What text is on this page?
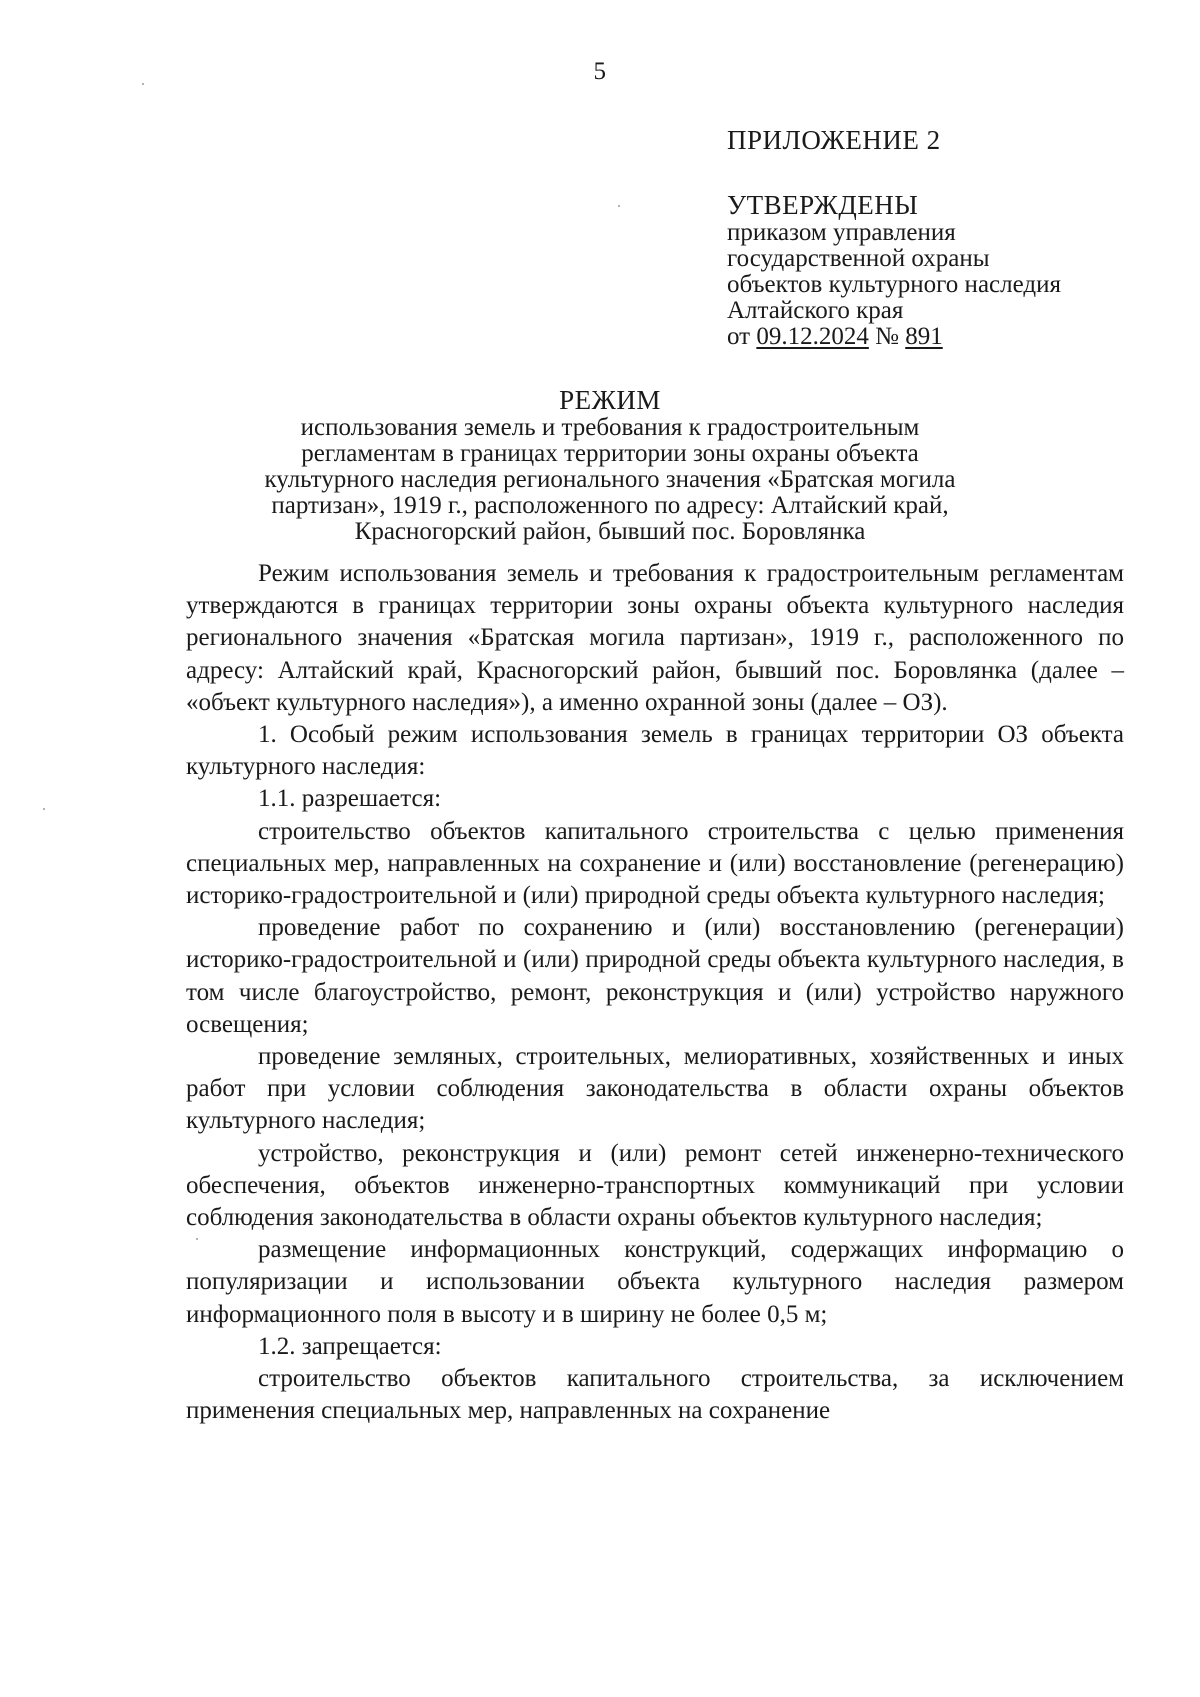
5
ПРИЛОЖЕНИЕ 2
УТВЕРЖДЕНЫ
приказом управления
государственной охраны
объектов культурного наследия
Алтайского края
от 09.12.2024 № 891
РЕЖИМ
использования земель и требования к градостроительным
регламентам в границах территории зоны охраны объекта
культурного наследия регионального значения «Братская могила
партизан», 1919 г., расположенного по адресу: Алтайский край,
Красногорский район, бывший пос. Боровлянка

Режим использования земель и требования к градостроительным регламентам утверждаются в границах территории зоны охраны объекта культурного наследия регионального значения «Братская могила партизан», 1919 г., расположенного по адресу: Алтайский край, Красногорский район, бывший пос. Боровлянка (далее – «объект культурного наследия»), а именно охранной зоны (далее – ОЗ).

1. Особый режим использования земель в границах территории ОЗ объекта культурного наследия:

1.1. разрешается:

строительство объектов капитального строительства с целью применения специальных мер, направленных на сохранение и (или) восстановление (регенерацию) историко-градостроительной и (или) природной среды объекта культурного наследия;

проведение работ по сохранению и (или) восстановлению (регенерации) историко-градостроительной и (или) природной среды объекта культурного наследия, в том числе благоустройство, ремонт, реконструкция и (или) устройство наружного освещения;

проведение земляных, строительных, мелиоративных, хозяйственных и иных работ при условии соблюдения законодательства в области охраны объектов культурного наследия;

устройство, реконструкция и (или) ремонт сетей инженерно-технического обеспечения, объектов инженерно-транспортных коммуникаций при условии соблюдения законодательства в области охраны объектов культурного наследия;

размещение информационных конструкций, содержащих информацию о популяризации и использовании объекта культурного наследия размером информационного поля в высоту и в ширину не более 0,5 м;

1.2. запрещается:

строительство объектов капитального строительства, за исключением применения специальных мер, направленных на сохранение
